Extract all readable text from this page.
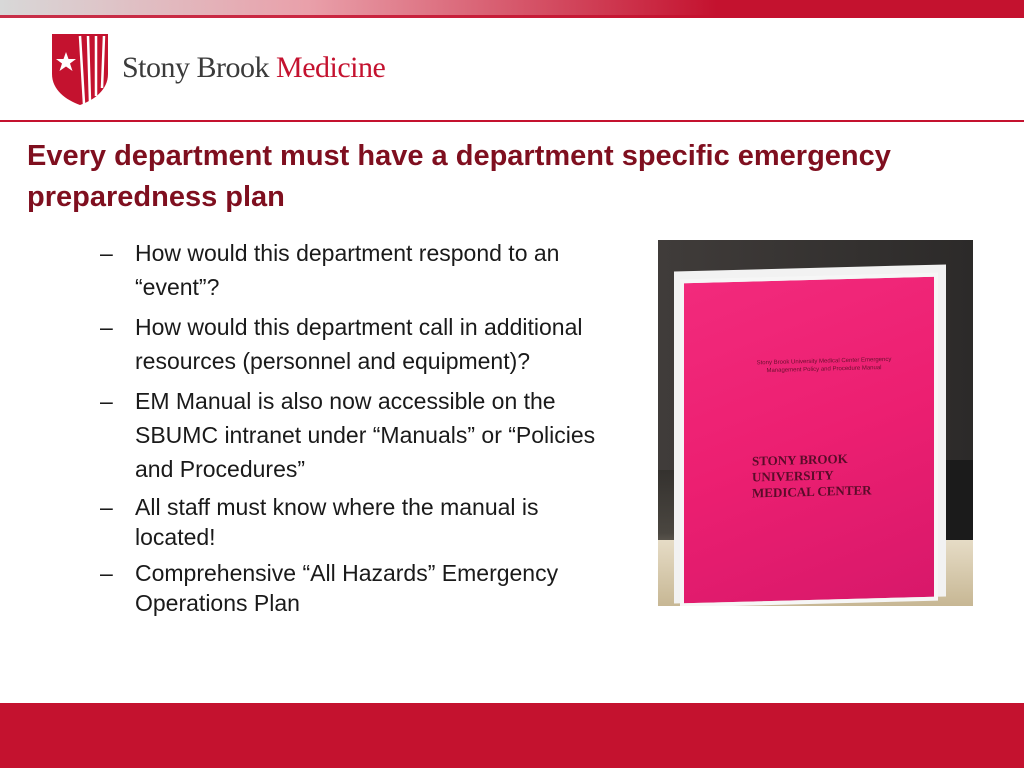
Stony Brook Medicine
Every department must have a department specific emergency preparedness plan
– How would this department respond to an “event”?
– How would this department call in additional resources (personnel and equipment)?
– EM Manual is also now accessible on the SBUMC intranet under “Manuals” or “Policies and Procedures”
– All staff must know where the manual is located!
– Comprehensive “All Hazards” Emergency Operations Plan
Stony Brook University Medical Center Emergency Management Policy and Procedure Manual
STONY BROOK UNIVERSITY MEDICAL CENTER
